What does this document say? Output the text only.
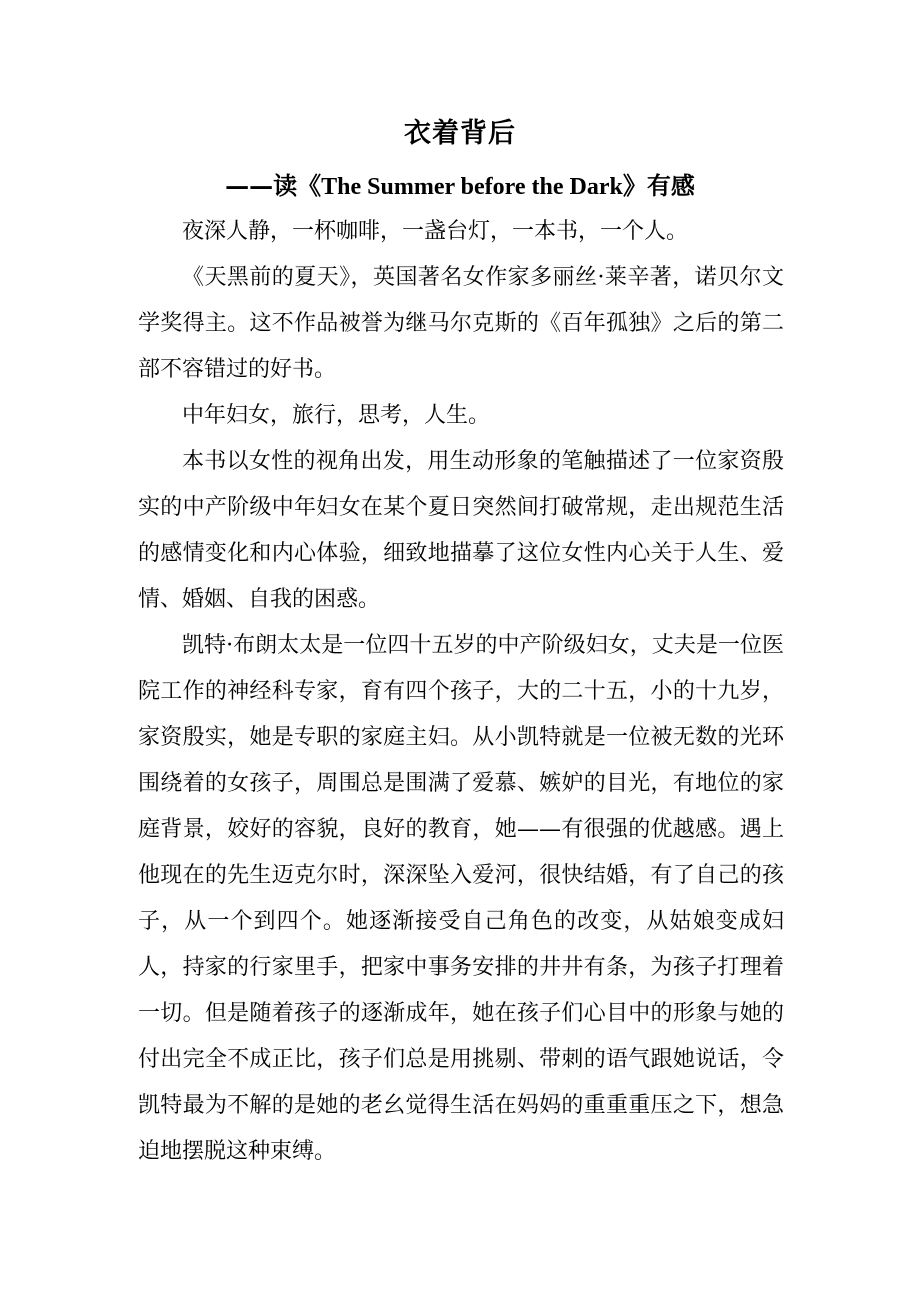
衣着背后
——读《The Summer before the Dark》有感

夜深人静，一杯咖啡，一盏台灯，一本书，一个人。

《天黑前的夏天》，英国著名女作家多丽丝·莱辛著，诺贝尔文学奖得主。这不作品被誉为继马尔克斯的《百年孤独》之后的第二部不容错过的好书。

中年妇女，旅行，思考，人生。

本书以女性的视角出发，用生动形象的笔触描述了一位家资殷实的中产阶级中年妇女在某个夏日突然间打破常规，走出规范生活的感情变化和内心体验，细致地描摹了这位女性内心关于人生、爱情、婚姻、自我的困惑。

凯特·布朗太太是一位四十五岁的中产阶级妇女，丈夫是一位医院工作的神经科专家，育有四个孩子，大的二十五，小的十九岁，家资殷实，她是专职的家庭主妇。从小凯特就是一位被无数的光环围绕着的女孩子，周围总是围满了爱慕、嫉妒的目光，有地位的家庭背景，姣好的容貌，良好的教育，她——有很强的优越感。遇上他现在的先生迈克尔时，深深坠入爱河，很快结婚，有了自己的孩子，从一个到四个。她逐渐接受自己角色的改变，从姑娘变成妇人，持家的行家里手，把家中事务安排的井井有条，为孩子打理着一切。但是随着孩子的逐渐成年，她在孩子们心目中的形象与她的付出完全不成正比，孩子们总是用挑剔、带刺的语气跟她说话，令凯特最为不解的是她的老幺觉得生活在妈妈的重重重压之下，想急迫地摆脱这种束缚。
